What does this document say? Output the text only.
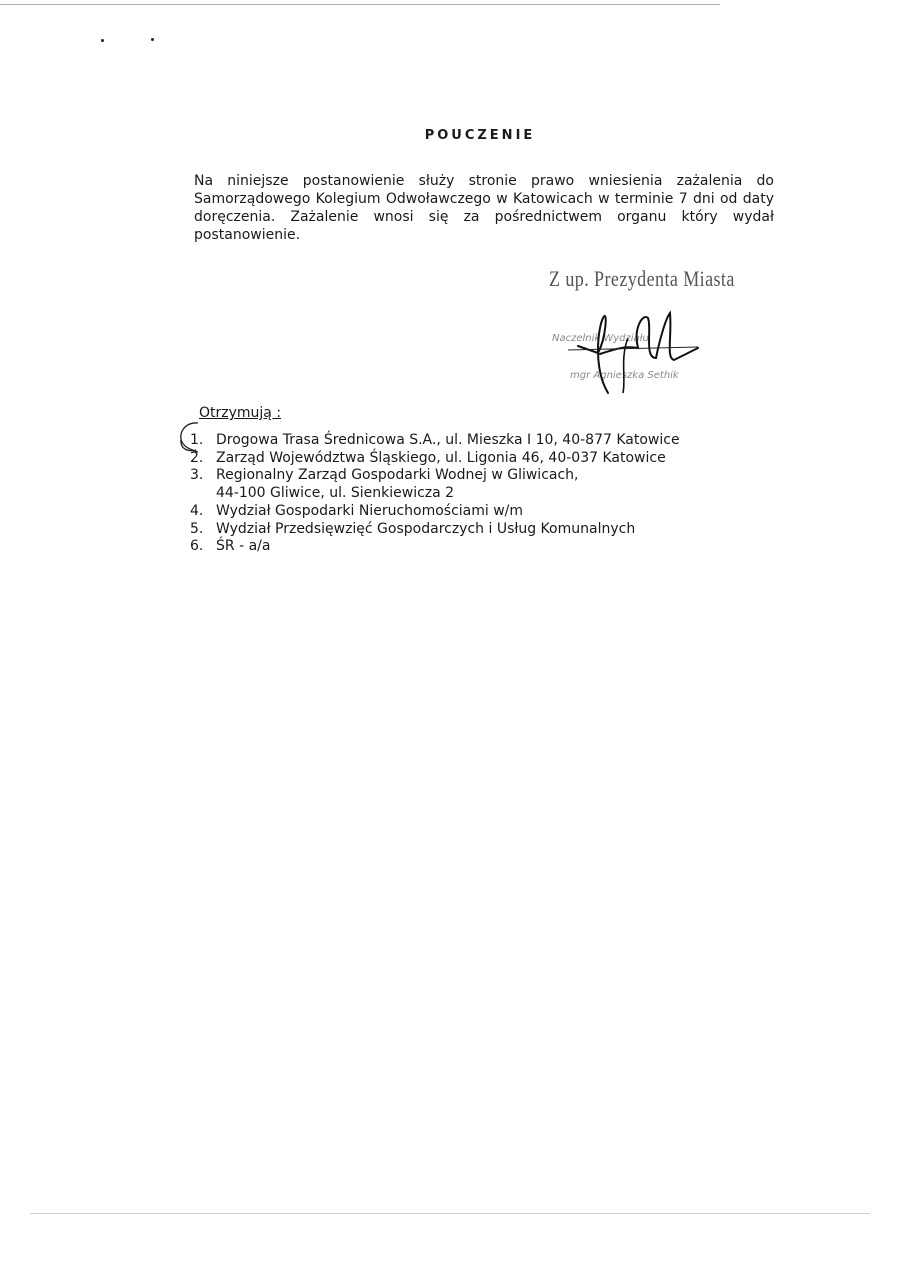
POUCZENIE

Na niniejsze postanowienie służy stronie prawo wniesienia zażalenia do Samorządowego Kolegium Odwoławczego w Katowicach w terminie 7 dni od daty doręczenia. Zażalenie wnosi się za pośrednictwem organu który wydał postanowienie.

Z up. Prezydenta Miasta
Naczelnik Wydziału
mgr Agnieszka Sethik
Otrzymują :
1. Drogowa Trasa Średnicowa S.A., ul. Mieszka I 10, 40-877 Katowice
2. Zarząd Województwa Śląskiego, ul. Ligonia 46, 40-037 Katowice
3. Regionalny Zarząd Gospodarki Wodnej w Gliwicach,
44-100 Gliwice, ul. Sienkiewicza 2
4. Wydział Gospodarki Nieruchomościami w/m
5. Wydział Przedsięwzięć Gospodarczych i Usług Komunalnych
6. ŚR - a/a
